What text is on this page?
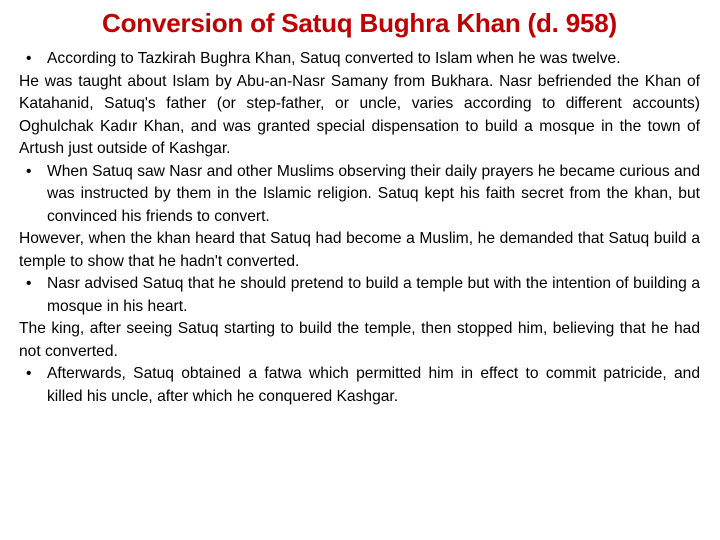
Conversion of Satuq Bughra Khan (d. 958)
• According to Tazkirah Bughra Khan, Satuq converted to Islam when he was twelve.

He was taught about Islam by Abu-an-Nasr Samany from Bukhara. Nasr befriended the Khan of Katahanid, Satuq's father (or step-father, or uncle, varies according to different accounts) Oghulchak Kadır Khan, and was granted special dispensation to build a mosque in the town of Artush just outside of Kashgar.

• When Satuq saw Nasr and other Muslims observing their daily prayers he became curious and was instructed by them in the Islamic religion. Satuq kept his faith secret from the khan, but convinced his friends to convert.

However, when the khan heard that Satuq had become a Muslim, he demanded that Satuq build a temple to show that he hadn't converted.

• Nasr advised Satuq that he should pretend to build a temple but with the intention of building a mosque in his heart.

The king, after seeing Satuq starting to build the temple, then stopped him, believing that he had not converted.

• Afterwards, Satuq obtained a fatwa which permitted him in effect to commit patricide, and killed his uncle, after which he conquered Kashgar.
